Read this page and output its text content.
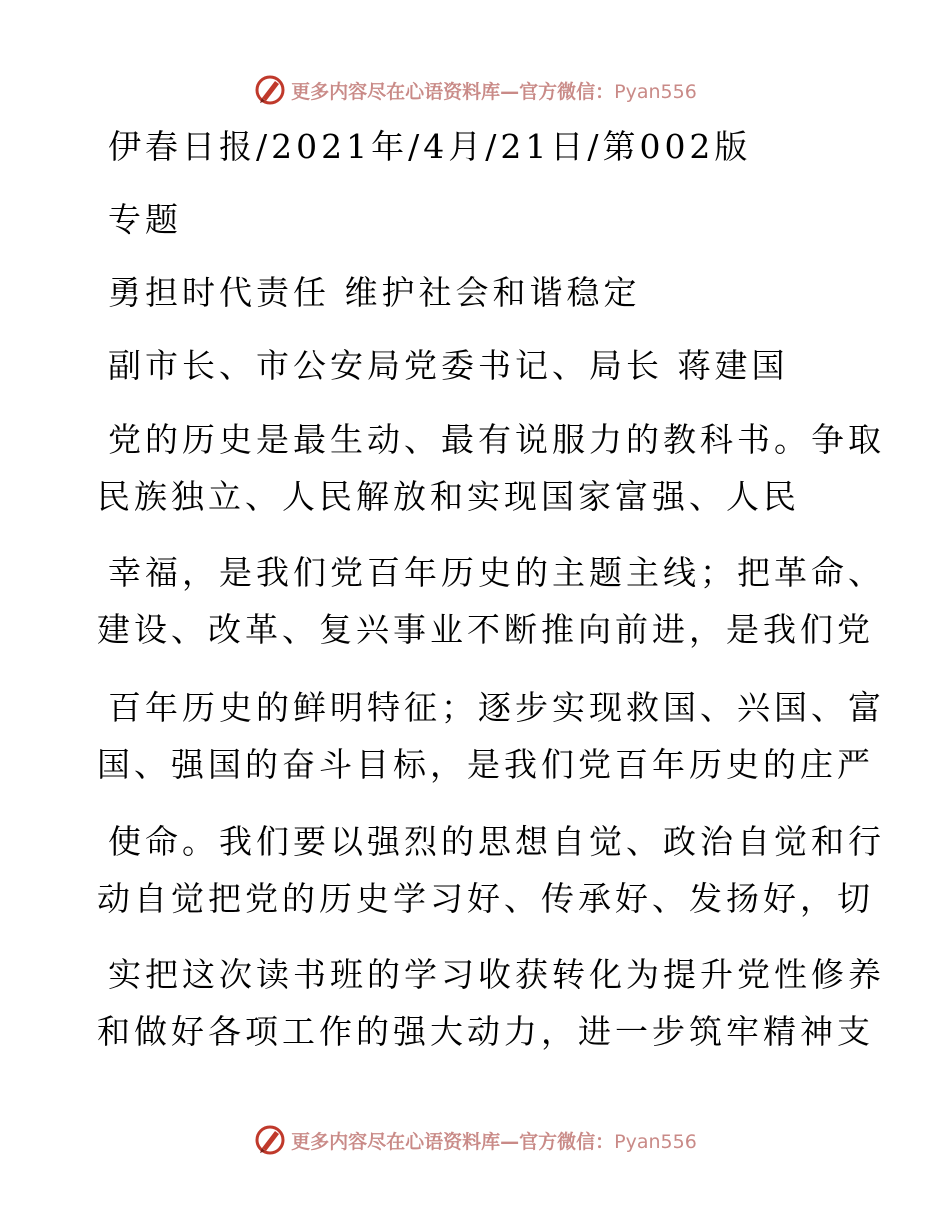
更多内容尽在心语资料库—官方微信：Pyan556
伊春日报/2021年/4月/21日/第002版
专题
勇担时代责任 维护社会和谐稳定
副市长、市公安局党委书记、局长 蒋建国
党的历史是最生动、最有说服力的教科书。争取
民族独立、人民解放和实现国家富强、人民
幸福，是我们党百年历史的主题主线；把革命、
建设、改革、复兴事业不断推向前进，是我们党
百年历史的鲜明特征；逐步实现救国、兴国、富
国、强国的奋斗目标，是我们党百年历史的庄严
使命。我们要以强烈的思想自觉、政治自觉和行
动自觉把党的历史学习好、传承好、发扬好，切
实把这次读书班的学习收获转化为提升党性修养
和做好各项工作的强大动力，进一步筑牢精神支
更多内容尽在心语资料库—官方微信：Pyan556
